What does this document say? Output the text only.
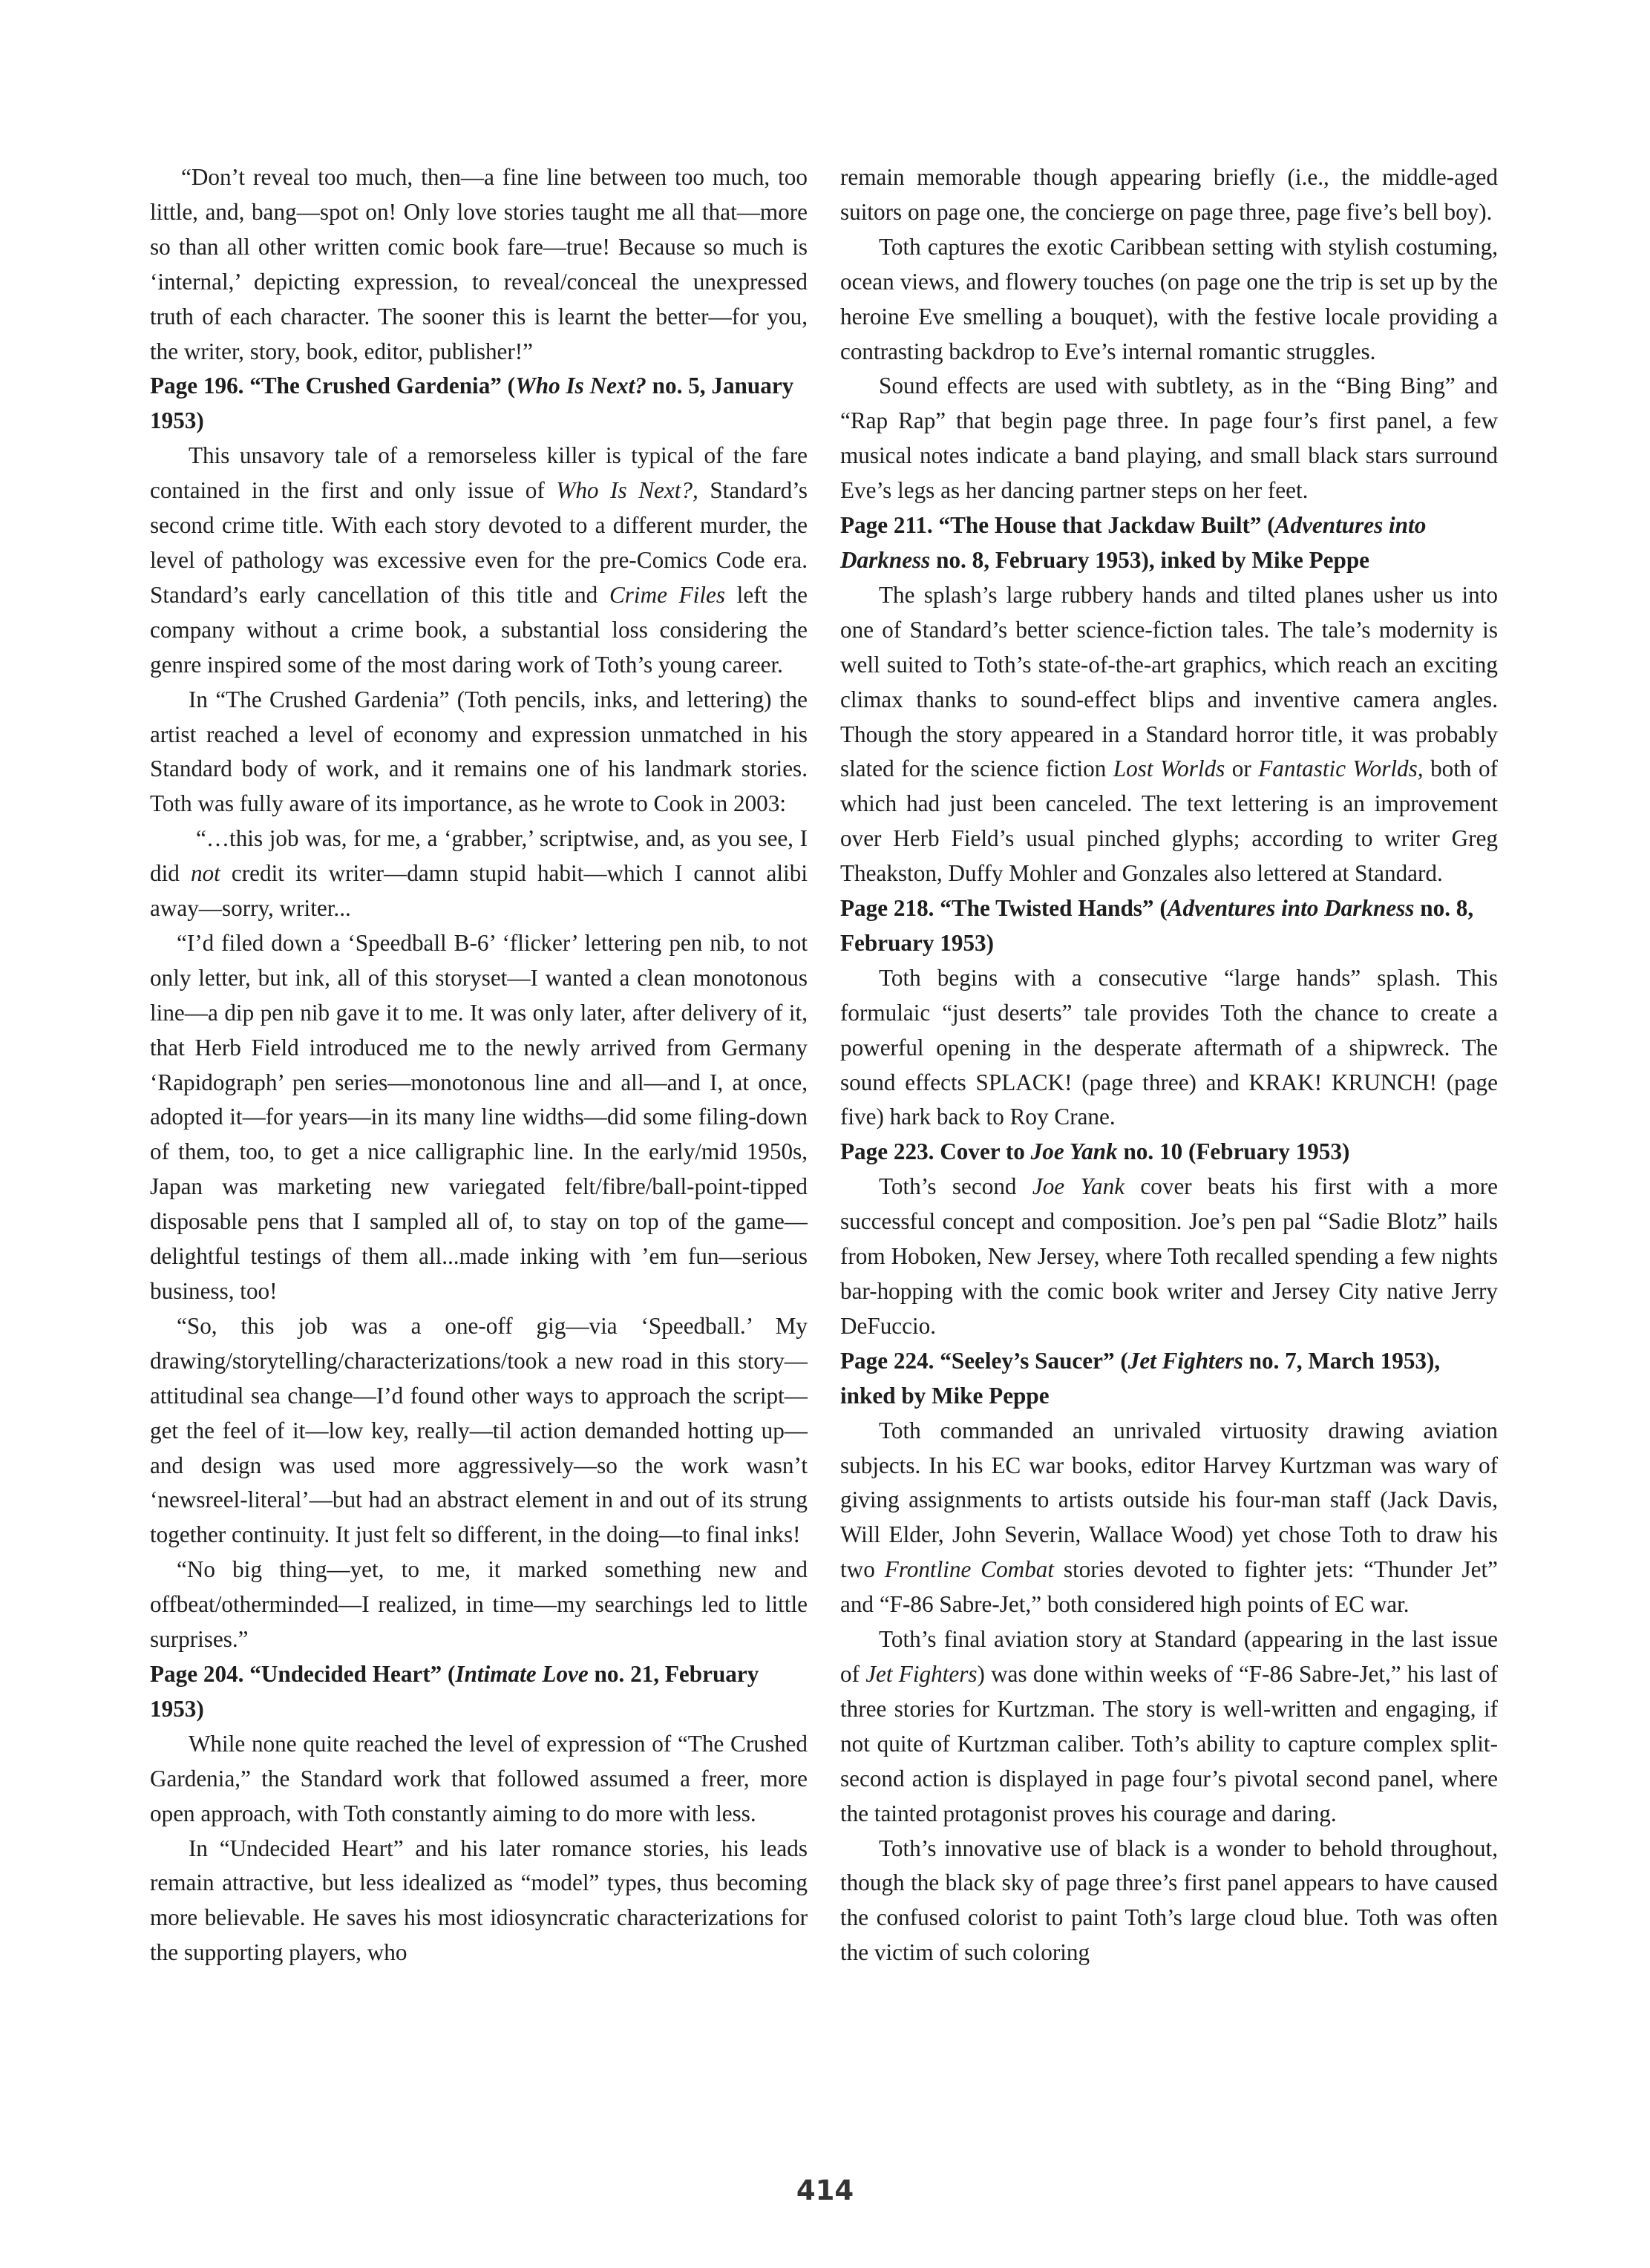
“Don’t reveal too much, then—a fine line between too much, too little, and, bang—spot on! Only love stories taught me all that—more so than all other written comic book fare—true! Because so much is ‘internal,’ depicting expression, to reveal/conceal the unexpressed truth of each character. The sooner this is learnt the better—for you, the writer, story, book, editor, publisher!”

Page 196. “The Crushed Gardenia” (Who Is Next? no. 5, January 1953)

This unsavory tale of a remorseless killer is typical of the fare contained in the first and only issue of Who Is Next?, Standard’s second crime title. With each story devoted to a different murder, the level of pathology was excessive even for the pre-Comics Code era. Standard’s early cancellation of this title and Crime Files left the company without a crime book, a substantial loss considering the genre inspired some of the most daring work of Toth’s young career.

In “The Crushed Gardenia” (Toth pencils, inks, and lettering) the artist reached a level of economy and expression unmatched in his Standard body of work, and it remains one of his landmark stories. Toth was fully aware of its importance, as he wrote to Cook in 2003:

“…this job was, for me, a ‘grabber,’ scriptwise, and, as you see, I did not credit its writer—damn stupid habit—which I cannot alibi away—sorry, writer...

“I’d filed down a ‘Speedball B-6’ ‘flicker’ lettering pen nib, to not only letter, but ink, all of this storyset—I wanted a clean monotonous line—a dip pen nib gave it to me. It was only later, after delivery of it, that Herb Field introduced me to the newly arrived from Germany ‘Rapidograph’ pen series—monotonous line and all—and I, at once, adopted it—for years—in its many line widths—did some filing-down of them, too, to get a nice calligraphic line. In the early/mid 1950s, Japan was marketing new variegated felt/fibre/ball-point-tipped disposable pens that I sampled all of, to stay on top of the game—delightful testings of them all...made inking with ’em fun—serious business, too!

“So, this job was a one-off gig—via ‘Speedball.’ My drawing/storytelling/characterizations/took a new road in this story—attitudinal sea change—I’d found other ways to approach the script—get the feel of it—low key, really—til action demanded hotting up—and design was used more aggressively—so the work wasn’t ‘newsreel-literal’—but had an abstract element in and out of its strung together continuity. It just felt so different, in the doing—to final inks!

“No big thing—yet, to me, it marked something new and offbeat/otherminded—I realized, in time—my searchings led to little surprises.”

Page 204. “Undecided Heart” (Intimate Love no. 21, February 1953)

While none quite reached the level of expression of “The Crushed Gardenia,” the Standard work that followed assumed a freer, more open approach, with Toth constantly aiming to do more with less.

In “Undecided Heart” and his later romance stories, his leads remain attractive, but less idealized as “model” types, thus becoming more believable. He saves his most idiosyncratic characterizations for the supporting players, who

remain memorable though appearing briefly (i.e., the middle-aged suitors on page one, the concierge on page three, page five’s bell boy).

Toth captures the exotic Caribbean setting with stylish costuming, ocean views, and flowery touches (on page one the trip is set up by the heroine Eve smelling a bouquet), with the festive locale providing a contrasting backdrop to Eve’s internal romantic struggles.

Sound effects are used with subtlety, as in the “Bing Bing” and “Rap Rap” that begin page three. In page four’s first panel, a few musical notes indicate a band playing, and small black stars surround Eve’s legs as her dancing partner steps on her feet.

Page 211. “The House that Jackdaw Built” (Adventures into Darkness no. 8, February 1953), inked by Mike Peppe

The splash’s large rubbery hands and tilted planes usher us into one of Standard’s better science-fiction tales. The tale’s modernity is well suited to Toth’s state-of-the-art graphics, which reach an exciting climax thanks to sound-effect blips and inventive camera angles. Though the story appeared in a Standard horror title, it was probably slated for the science fiction Lost Worlds or Fantastic Worlds, both of which had just been canceled. The text lettering is an improvement over Herb Field’s usual pinched glyphs; according to writer Greg Theakston, Duffy Mohler and Gonzales also lettered at Standard.

Page 218. “The Twisted Hands” (Adventures into Darkness no. 8, February 1953)

Toth begins with a consecutive “large hands” splash. This formulaic “just deserts” tale provides Toth the chance to create a powerful opening in the desperate aftermath of a shipwreck. The sound effects SPLACK! (page three) and KRAK! KRUNCH! (page five) hark back to Roy Crane.

Page 223. Cover to Joe Yank no. 10 (February 1953)

Toth’s second Joe Yank cover beats his first with a more successful concept and composition. Joe’s pen pal “Sadie Blotz” hails from Hoboken, New Jersey, where Toth recalled spending a few nights bar-hopping with the comic book writer and Jersey City native Jerry DeFuccio.

Page 224. “Seeley’s Saucer” (Jet Fighters no. 7, March 1953), inked by Mike Peppe

Toth commanded an unrivaled virtuosity drawing aviation subjects. In his EC war books, editor Harvey Kurtzman was wary of giving assignments to artists outside his four-man staff (Jack Davis, Will Elder, John Severin, Wallace Wood) yet chose Toth to draw his two Frontline Combat stories devoted to fighter jets: “Thunder Jet” and “F-86 Sabre-Jet,” both considered high points of EC war.

Toth’s final aviation story at Standard (appearing in the last issue of Jet Fighters) was done within weeks of “F-86 Sabre-Jet,” his last of three stories for Kurtzman. The story is well-written and engaging, if not quite of Kurtzman caliber. Toth’s ability to capture complex split-second action is displayed in page four’s pivotal second panel, where the tainted protagonist proves his courage and daring.

Toth’s innovative use of black is a wonder to behold throughout, though the black sky of page three’s first panel appears to have caused the confused colorist to paint Toth’s large cloud blue. Toth was often the victim of such coloring

414
